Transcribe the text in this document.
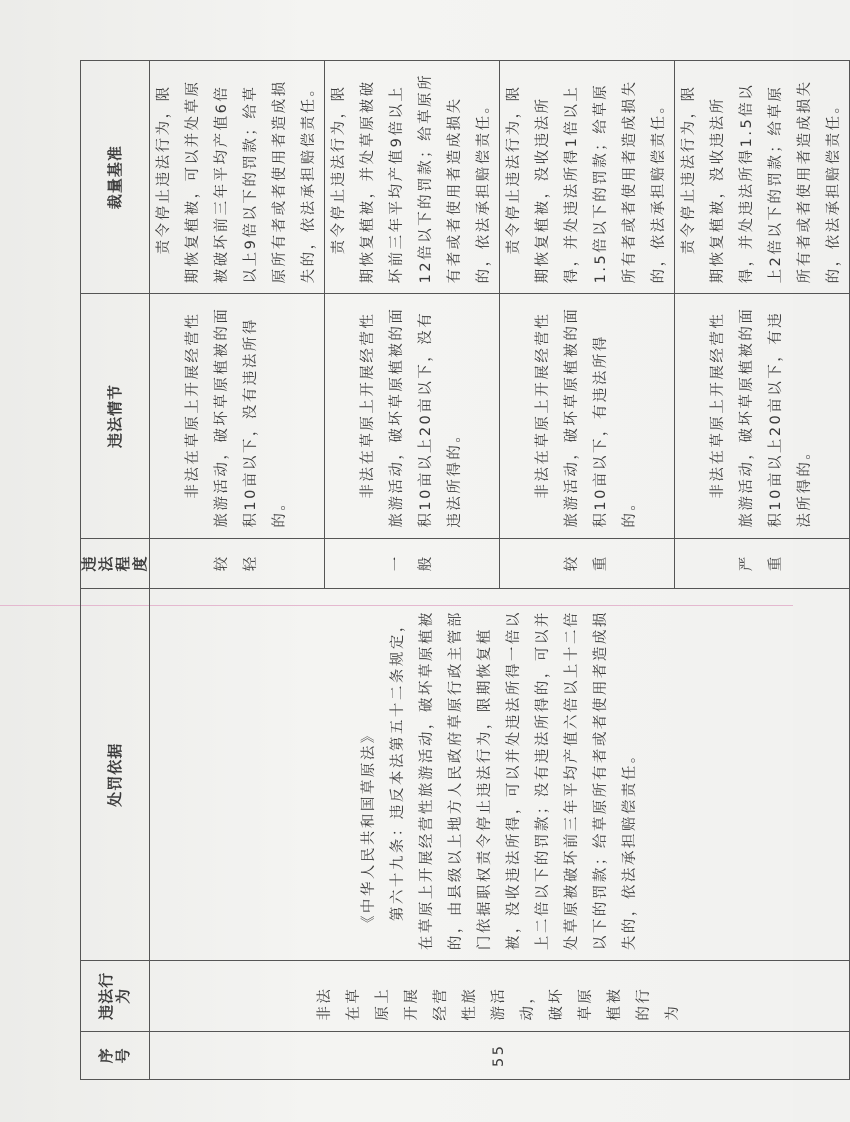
序号	违法行为	处罚依据	违法程度	违法情节	裁量基准
55	非法在草原上开展经营性旅游活动，破坏草原植被的行为	《中华人民共和国草原法》 第六十九条：违反本法第五十二条规定，在草原上开展经营性旅游活动，破坏草原植被的，由县级以上地方人民政府草原行政主管部门依据职权责令停止违法行为，限期恢复植被，没收违法所得，可以并处违法所得一倍以上二倍以下的罚款；没有违法所得的，可以并处草原被破坏前三年平均产值六倍以上十二倍以下的罚款；给草原所有者或者使用者造成损失的，依法承担赔偿责任。	较轻	非法在草原上开展经营性旅游活动，破坏草原植被的面积10亩以下，没有违法所得的。	责令停止违法行为，限期恢复植被，可以并处草原被破坏前三年平均产值6倍以上9倍以下的罚款；给草原所有者或者使用者造成损失的，依法承担赔偿责任。

			一般	非法在草原上开展经营性旅游活动，破坏草原植被的面积10亩以上20亩以下，没有违法所得的。	责令停止违法行为，限期恢复植被，并处草原被破坏前三年平均产值9倍以上12倍以下的罚款；给草原所有者或者使用者造成损失的，依法承担赔偿责任。

			较重	非法在草原上开展经营性旅游活动，破坏草原植被的面积10亩以下，有违法所得的。	责令停止违法行为，限期恢复植被，没收违法所得，并处违法所得1倍以上1.5倍以下的罚款；给草原所有者或者使用者造成损失的，依法承担赔偿责任。

			严重	非法在草原上开展经营性旅游活动，破坏草原植被的面积10亩以上20亩以下，有违法所得的。	责令停止违法行为，限期恢复植被，没收违法所得，并处违法所得1.5倍以上2倍以下的罚款；给草原所有者或者使用者造成损失的，依法承担赔偿责任。
